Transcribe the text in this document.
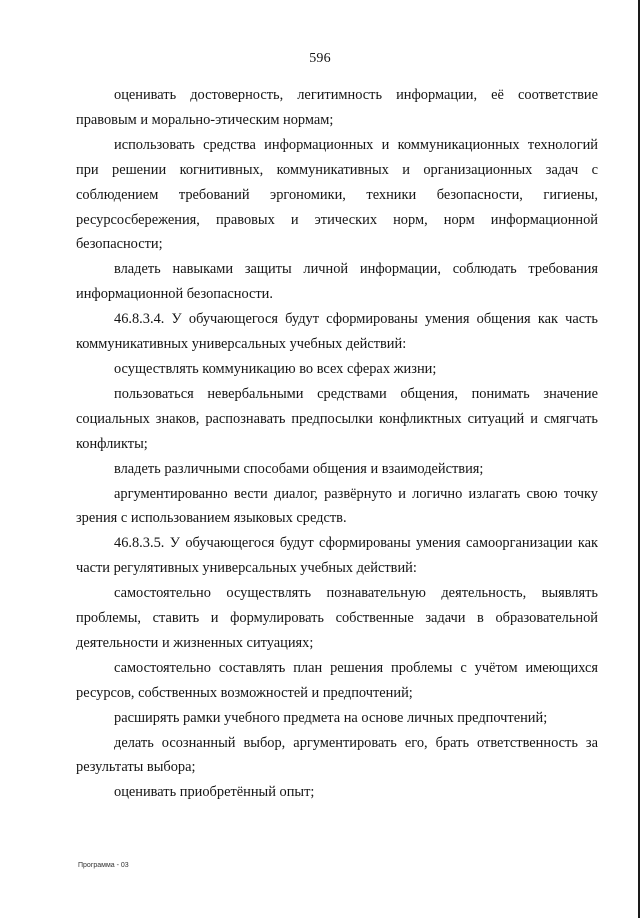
596

оценивать достоверность, легитимность информации, её соответствие правовым и морально-этическим нормам;

использовать средства информационных и коммуникационных технологий при решении когнитивных, коммуникативных и организационных задач с соблюдением требований эргономики, техники безопасности, гигиены, ресурсосбережения, правовых и этических норм, норм информационной безопасности;

владеть навыками защиты личной информации, соблюдать требования информационной безопасности.

46.8.3.4. У обучающегося будут сформированы умения общения как часть коммуникативных универсальных учебных действий:

осуществлять коммуникацию во всех сферах жизни;

пользоваться невербальными средствами общения, понимать значение социальных знаков, распознавать предпосылки конфликтных ситуаций и смягчать конфликты;

владеть различными способами общения и взаимодействия;

аргументированно вести диалог, развёрнуто и логично излагать свою точку зрения с использованием языковых средств.

46.8.3.5. У обучающегося будут сформированы умения самоорганизации как части регулятивных универсальных учебных действий:

самостоятельно осуществлять познавательную деятельность, выявлять проблемы, ставить и формулировать собственные задачи в образовательной деятельности и жизненных ситуациях;

самостоятельно составлять план решения проблемы с учётом имеющихся ресурсов, собственных возможностей и предпочтений;

расширять рамки учебного предмета на основе личных предпочтений;

делать осознанный выбор, аргументировать его, брать ответственность за результаты выбора;

оценивать приобретённый опыт;

Программа - 03
